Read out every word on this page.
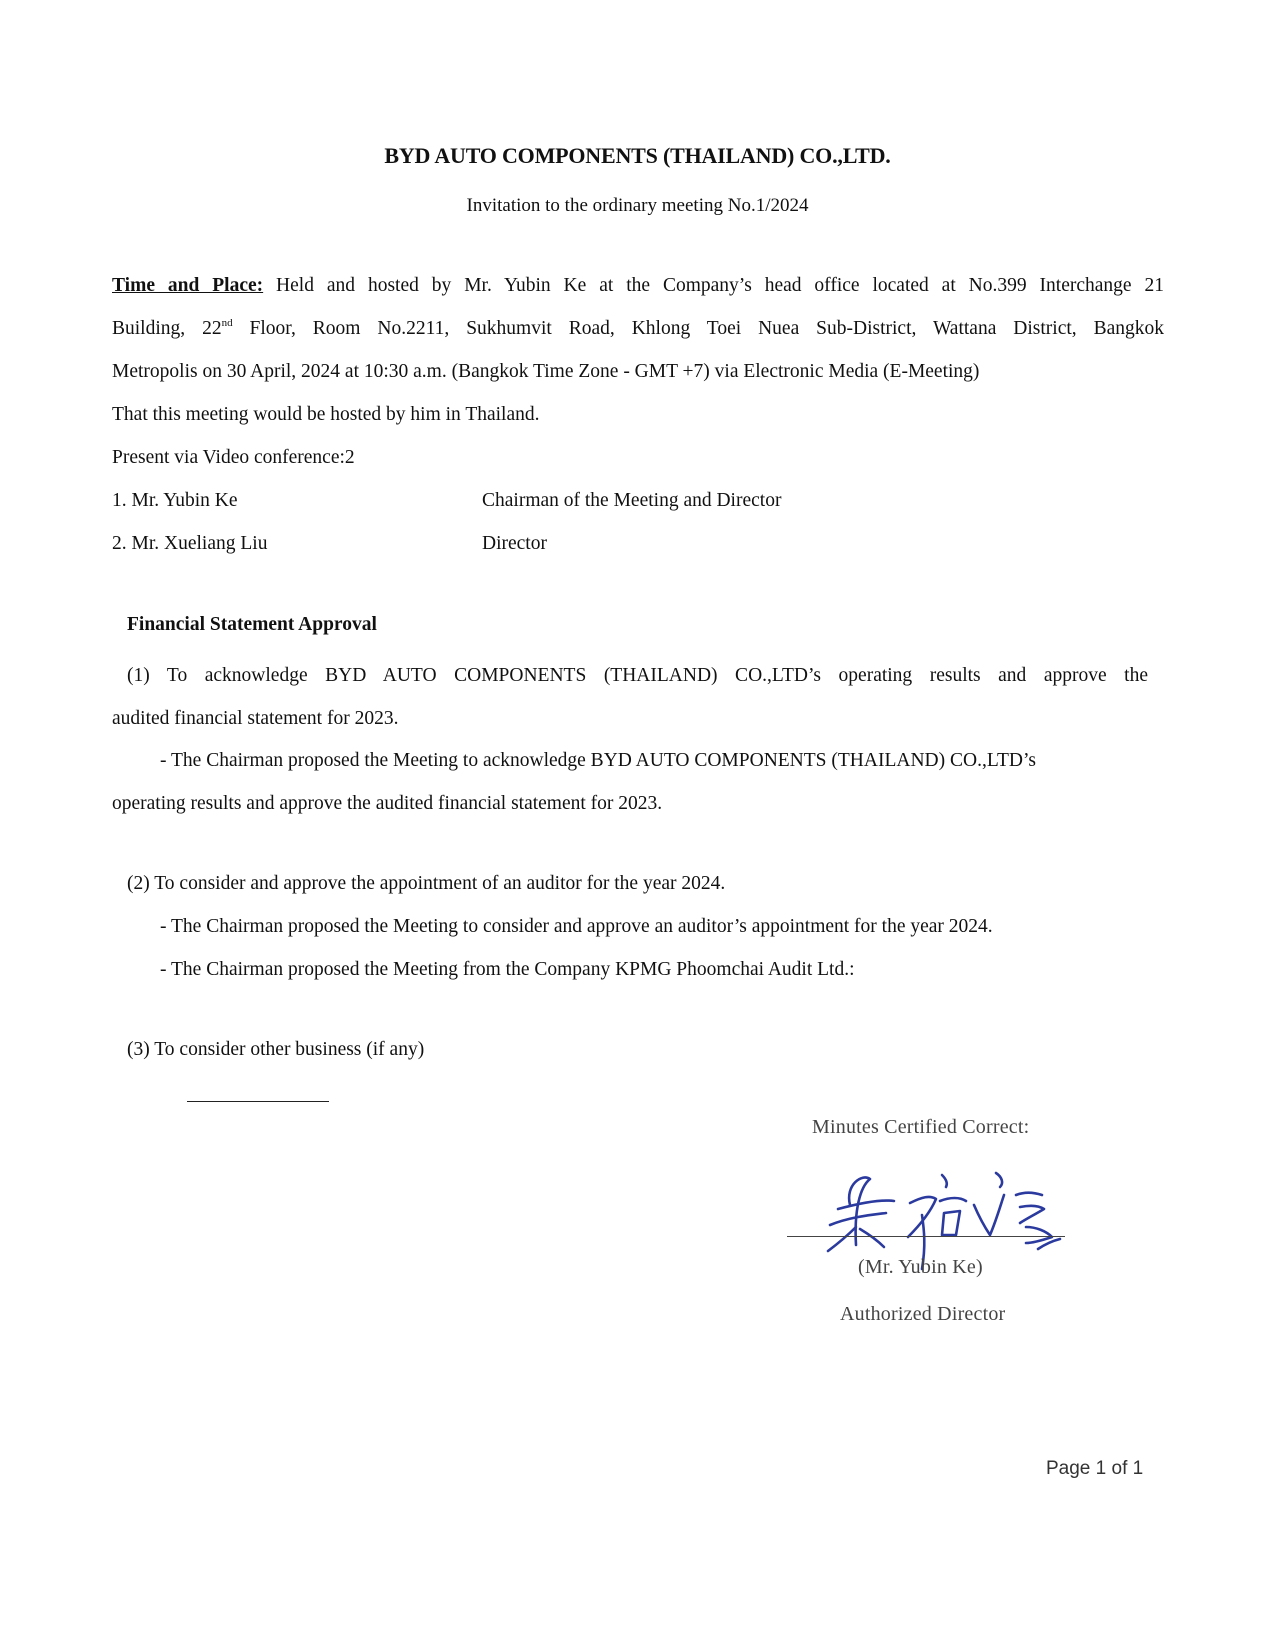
BYD AUTO COMPONENTS (THAILAND) CO.,LTD.
Invitation to the ordinary meeting No.1/2024
Time and Place: Held and hosted by Mr. Yubin Ke at the Company’s head office located at No.399 Interchange 21
Building, 22nd Floor, Room No.2211, Sukhumvit Road, Khlong Toei Nuea Sub-District, Wattana District, Bangkok
Metropolis on 30 April, 2024 at 10:30 a.m. (Bangkok Time Zone - GMT +7) via Electronic Media (E-Meeting)
That this meeting would be hosted by him in Thailand.
Present via Video conference:2
1. Mr. Yubin Ke	Chairman of the Meeting and Director
2. Mr. Xueliang Liu	Director
Financial Statement Approval
(1) To acknowledge BYD AUTO COMPONENTS (THAILAND) CO.,LTD’s operating results and approve the
audited financial statement for 2023.
- The Chairman proposed the Meeting to acknowledge BYD AUTO COMPONENTS (THAILAND) CO.,LTD’s
operating results and approve the audited financial statement for 2023.
(2) To consider and approve the appointment of an auditor for the year 2024.
- The Chairman proposed the Meeting to consider and approve an auditor’s appointment for the year 2024.
- The Chairman proposed the Meeting from the Company KPMG Phoomchai Audit Ltd.:
(3) To consider other business (if any)
Minutes Certified Correct:
(Mr. Yubin Ke)
Authorized Director
Page 1 of 1
